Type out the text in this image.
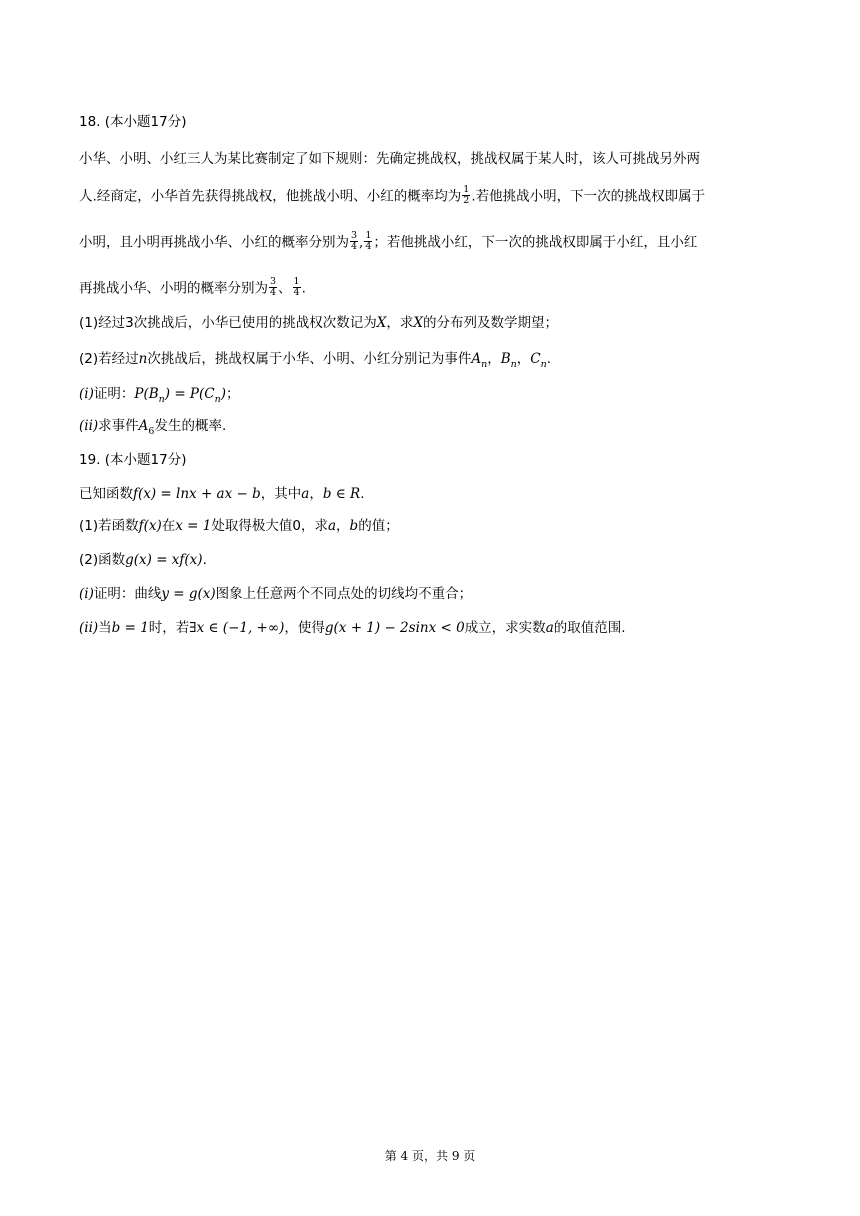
18. (本小题17分)
小华、小明、小红三人为某比赛制定了如下规则：先确定挑战权，挑战权属于某人时，该人可挑战另外两
人.经商定，小华首先获得挑战权，他挑战小明、小红的概率均为 $\frac{1}{2}$ .若他挑战小明，下一次的挑战权即属于
小明，且小明再挑战小华、小红的概率分别为 $\frac{3}{4}$ , $\frac{1}{4}$ ；若他挑战小红，下一次的挑战权即属于小红，且小红
再挑战小华、小明的概率分别为 $\frac{3}{4}$ 、 $\frac{1}{4}$ .
(1)经过3次挑战后，小华已使用的挑战权次数记为X，求X的分布列及数学期望；
(2)若经过n次挑战后，挑战权属于小华、小明、小红分别记为事件$A_n$，$B_n$，$C_n$.
(i)证明：$P(B_n) = P(C_n)$；
(ii)求事件$A_6$发生的概率.
19. (本小题17分)
已知函数f(x) = lnx + ax − b，其中a，b ∈ R.
(1)若函数f(x)在x = 1处取得极大值0，求a，b的值；
(2)函数g(x) = xf(x).
(i)证明：曲线y = g(x)图象上任意两个不同点处的切线均不重合；
(ii)当b = 1时，若∃x ∈ (−1, +∞)，使得g(x + 1) − 2sinx < 0成立，求实数a的取值范围.
第 4 页，共 9 页
